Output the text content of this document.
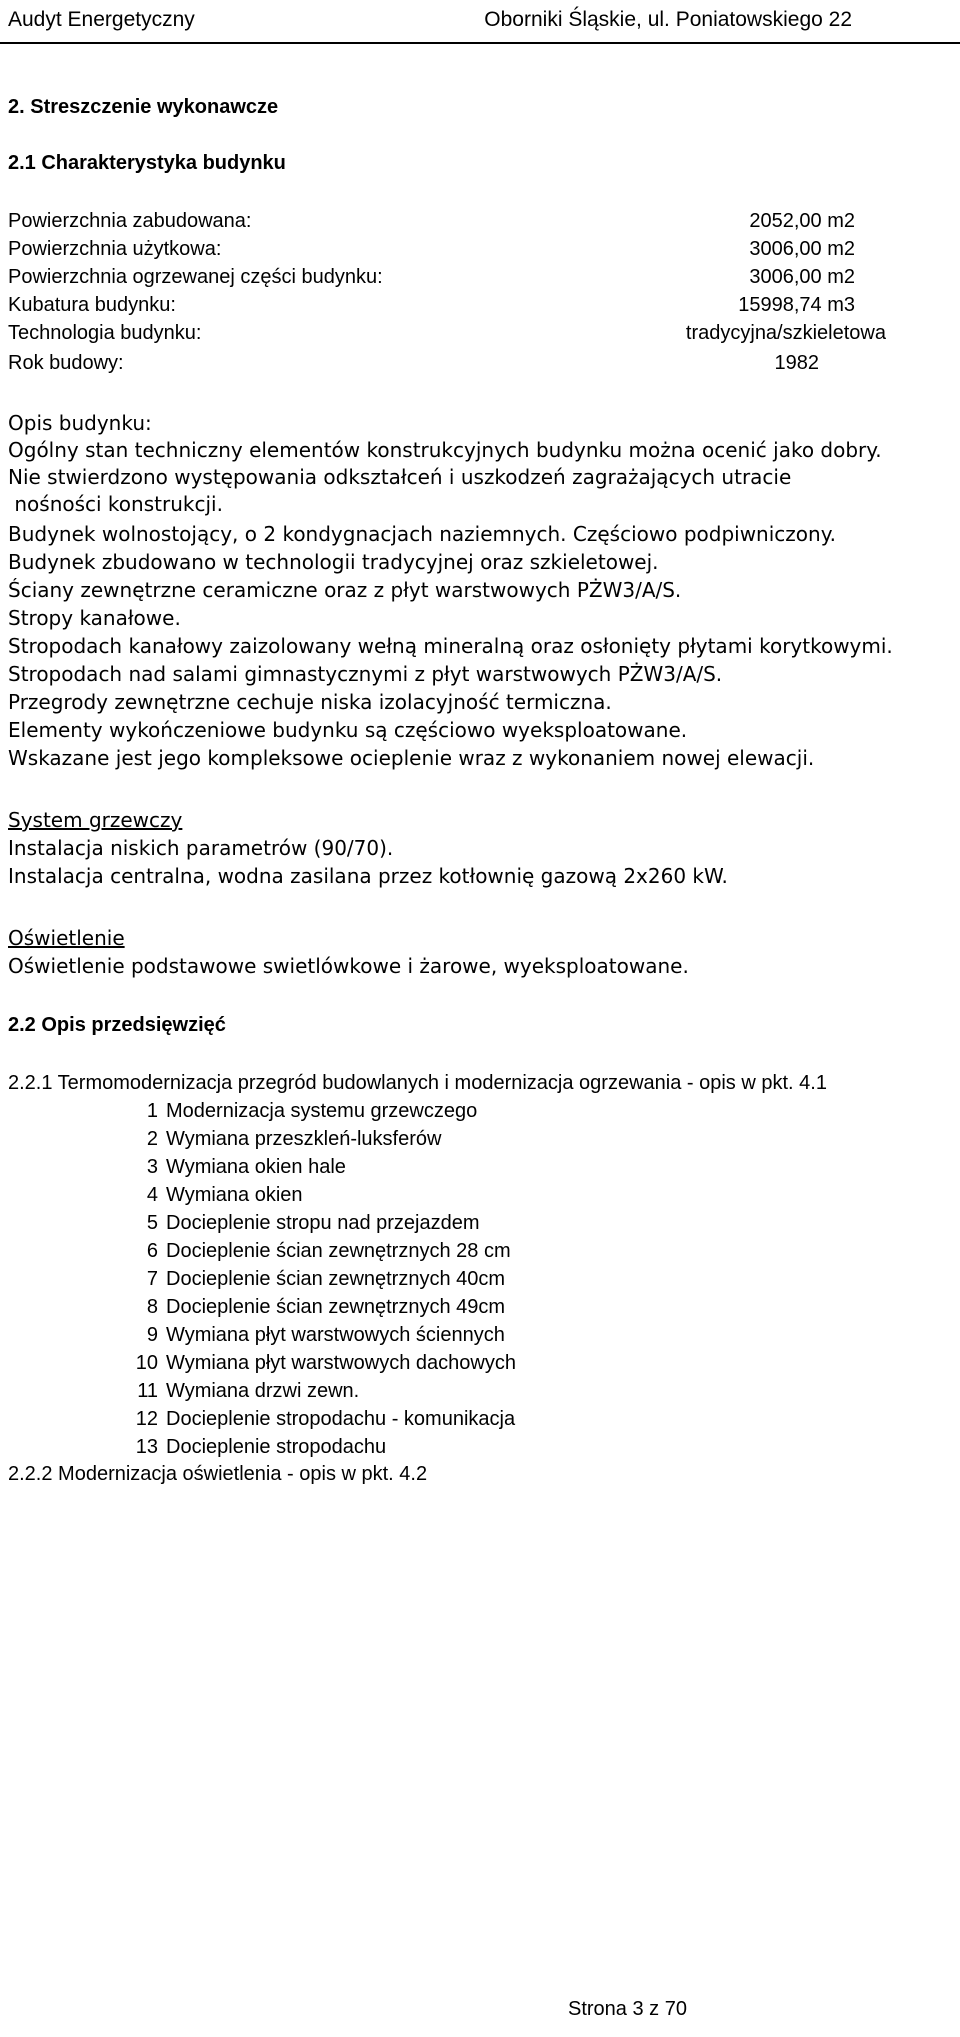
Audyt Energetyczny	Oborniki Śląskie, ul. Poniatowskiego 22
2. Streszczenie wykonawcze
2.1 Charakterystyka budynku
Powierzchnia zabudowana:	2052,00 m2
Powierzchnia użytkowa:	3006,00 m2
Powierzchnia ogrzewanej części budynku:	3006,00 m2
Kubatura budynku:	15998,74 m3
Technologia budynku:	tradycyjna/szkieletowa
Rok budowy:	1982
Opis budynku:
Ogólny stan techniczny elementów konstrukcyjnych budynku można ocenić jako dobry.
Nie stwierdzono występowania odkształceń i uszkodzeń zagrażających utracie
nośności konstrukcji.
Budynek wolnostojący, o 2 kondygnacjach naziemnych. Częściowo podpiwniczony.
Budynek zbudowano w technologii tradycyjnej oraz szkieletowej.
Ściany zewnętrzne ceramiczne oraz z płyt warstwowych PŻW3/A/S.
Stropy kanałowe.
Stropodach kanałowy zaizolowany wełną mineralną oraz osłonięty płytami korytkowymi.
Stropodach nad salami gimnastycznymi z płyt warstwowych PŻW3/A/S.
Przegrody zewnętrzne cechuje niska izolacyjność termiczna.
Elementy wykończeniowe budynku są częściowo wyeksploatowane.
Wskazane jest jego kompleksowe ocieplenie wraz z wykonaniem nowej elewacji.
System grzewczy
Instalacja niskich parametrów (90/70).
Instalacja centralna, wodna zasilana przez kotłownię gazową 2x260 kW.
Oświetlenie
Oświetlenie podstawowe swietlówkowe i żarowe, wyeksploatowane.
2.2 Opis przedsięwzięć
2.2.1 Termomodernizacja przegród budowlanych i modernizacja ogrzewania - opis w pkt. 4.1
1 Modernizacja systemu grzewczego
2 Wymiana przeszkleń-luksferów
3 Wymiana okien hale
4 Wymiana okien
5 Docieplenie stropu nad przejazdem
6 Docieplenie ścian zewnętrznych 28 cm
7 Docieplenie ścian zewnętrznych 40cm
8 Docieplenie ścian zewnętrznych 49cm
9 Wymiana płyt warstwowych ściennych
10 Wymiana płyt warstwowych dachowych
11 Wymiana drzwi zewn.
12 Docieplenie stropodachu - komunikacja
13 Docieplenie stropodachu
2.2.2 Modernizacja oświetlenia - opis w pkt. 4.2
Strona 3 z 70
